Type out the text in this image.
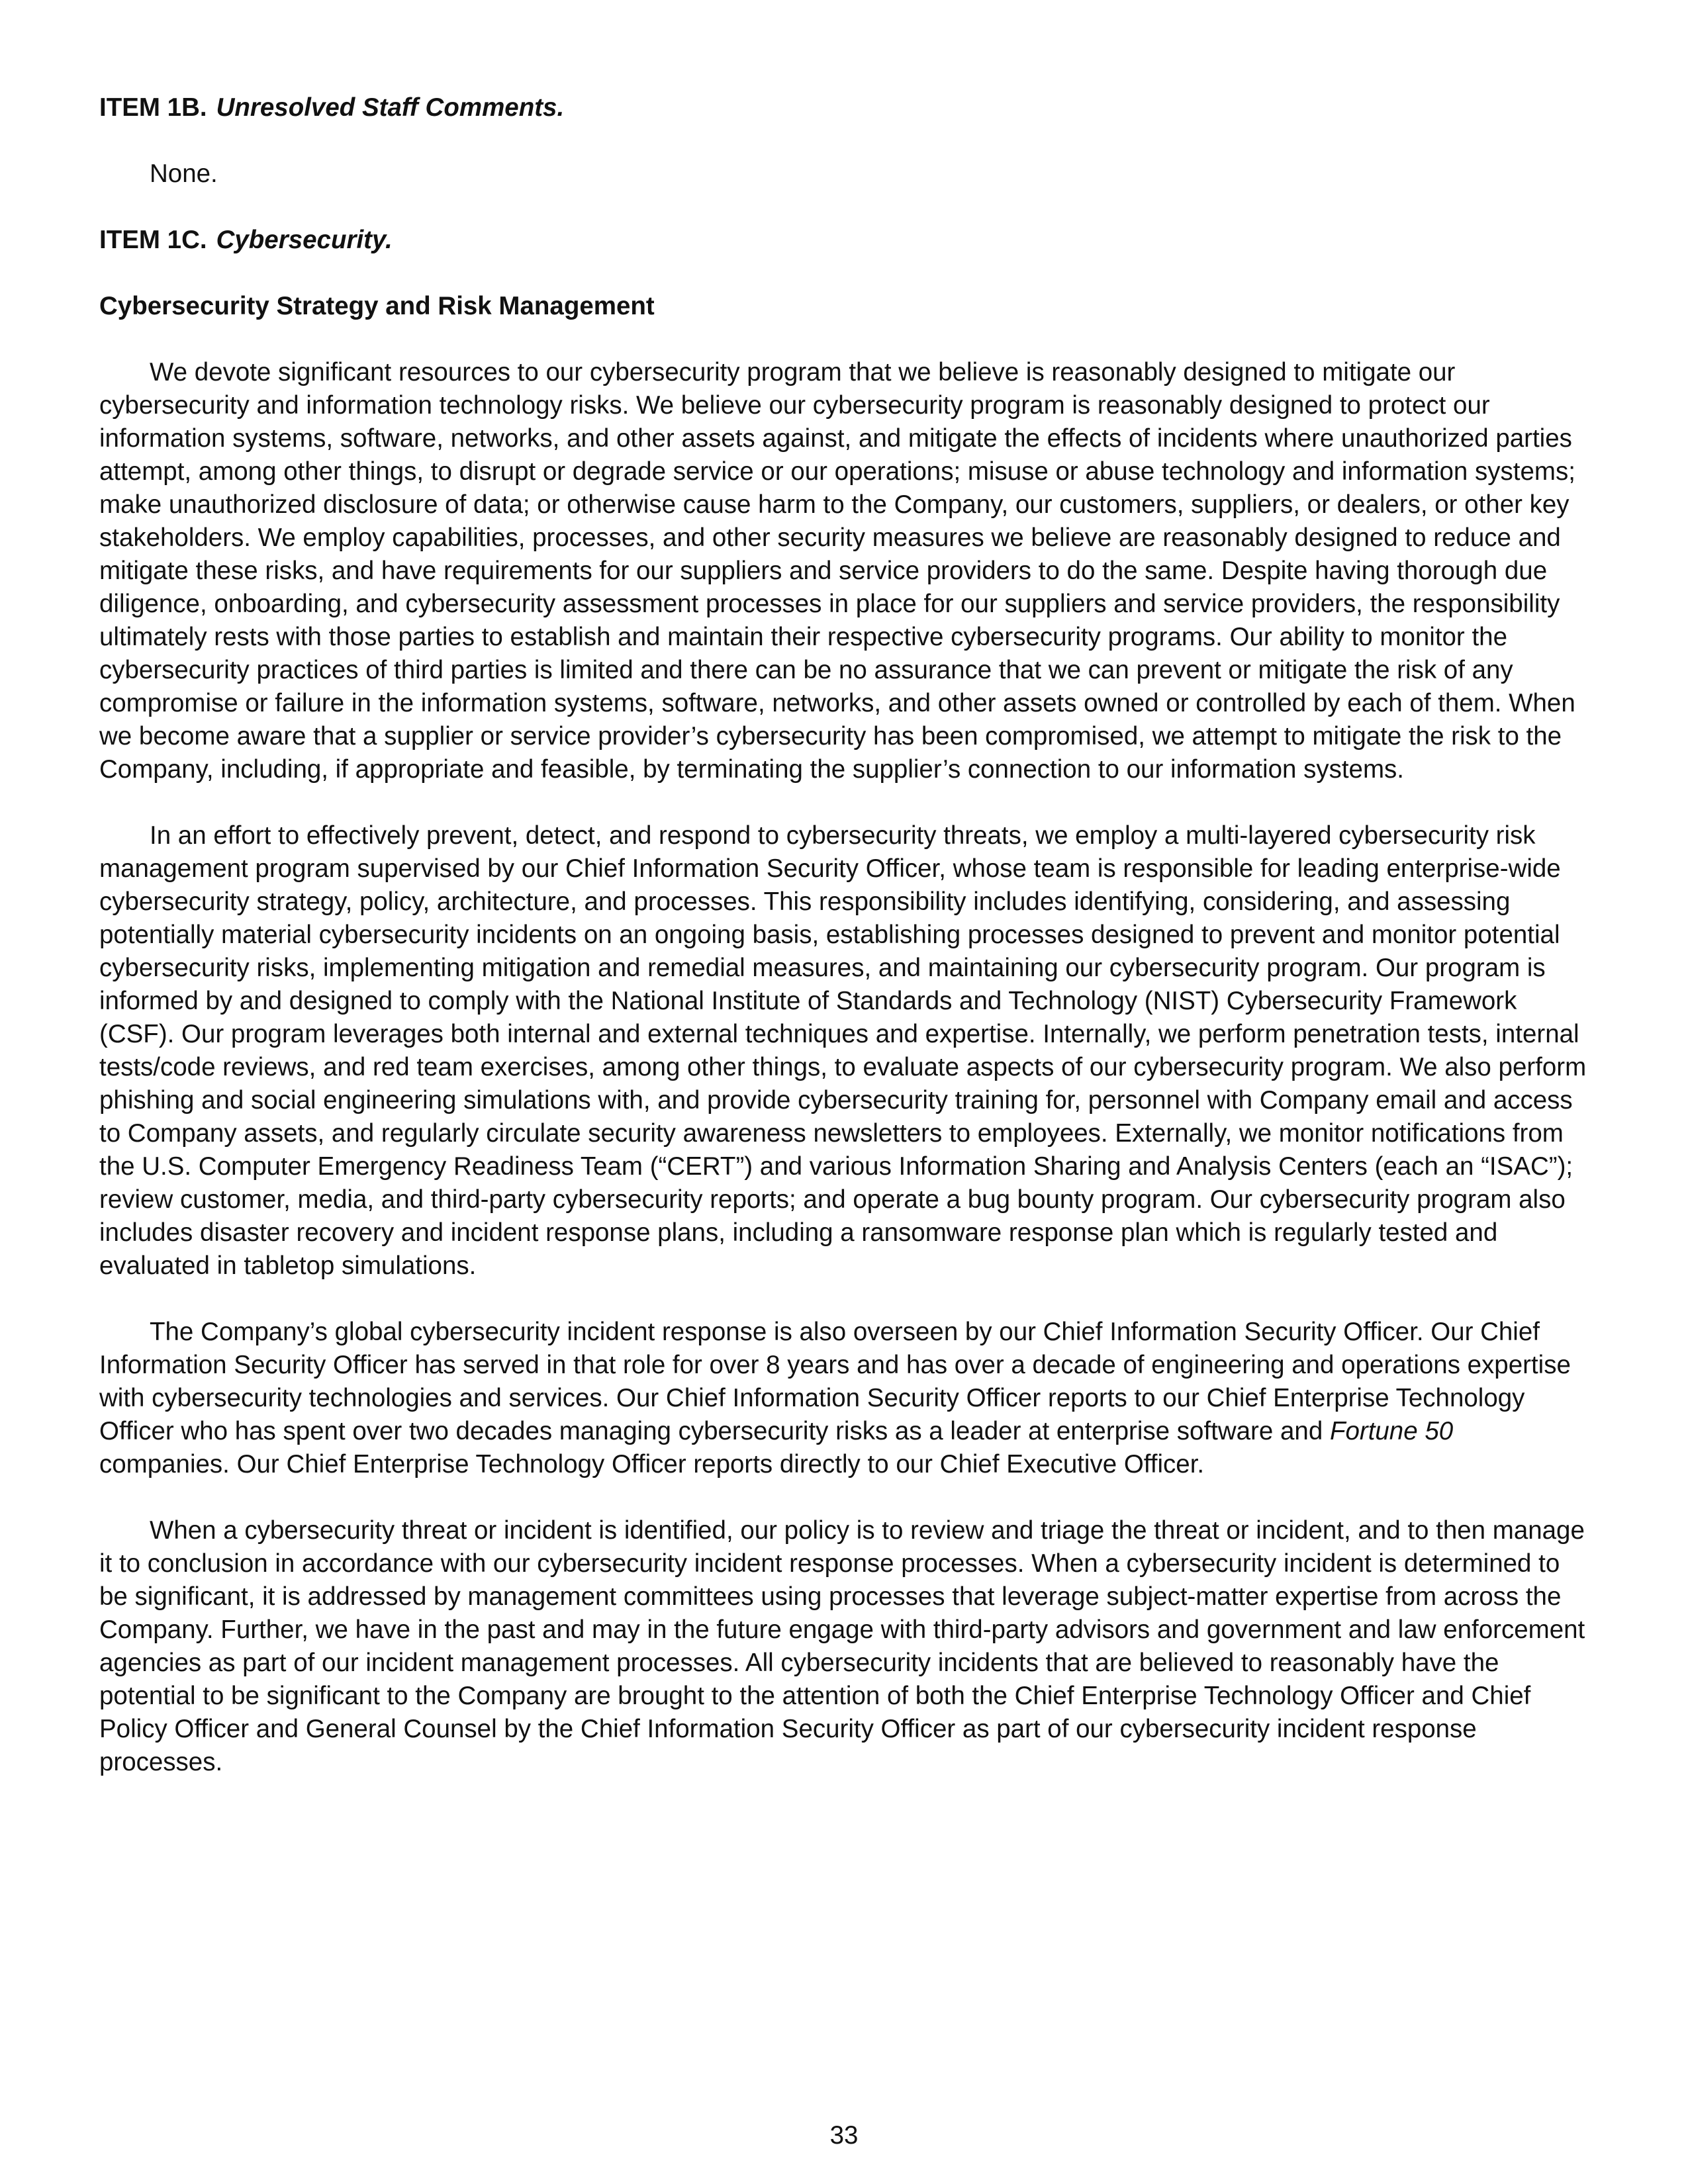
ITEM 1B. Unresolved Staff Comments.

None.

ITEM 1C. Cybersecurity.

Cybersecurity Strategy and Risk Management

We devote significant resources to our cybersecurity program that we believe is reasonably designed to mitigate our cybersecurity and information technology risks. We believe our cybersecurity program is reasonably designed to protect our information systems, software, networks, and other assets against, and mitigate the effects of incidents where unauthorized parties attempt, among other things, to disrupt or degrade service or our operations; misuse or abuse technology and information systems; make unauthorized disclosure of data; or otherwise cause harm to the Company, our customers, suppliers, or dealers, or other key stakeholders. We employ capabilities, processes, and other security measures we believe are reasonably designed to reduce and mitigate these risks, and have requirements for our suppliers and service providers to do the same. Despite having thorough due diligence, onboarding, and cybersecurity assessment processes in place for our suppliers and service providers, the responsibility ultimately rests with those parties to establish and maintain their respective cybersecurity programs. Our ability to monitor the cybersecurity practices of third parties is limited and there can be no assurance that we can prevent or mitigate the risk of any compromise or failure in the information systems, software, networks, and other assets owned or controlled by each of them. When we become aware that a supplier or service provider’s cybersecurity has been compromised, we attempt to mitigate the risk to the Company, including, if appropriate and feasible, by terminating the supplier’s connection to our information systems.

In an effort to effectively prevent, detect, and respond to cybersecurity threats, we employ a multi-layered cybersecurity risk management program supervised by our Chief Information Security Officer, whose team is responsible for leading enterprise-wide cybersecurity strategy, policy, architecture, and processes. This responsibility includes identifying, considering, and assessing potentially material cybersecurity incidents on an ongoing basis, establishing processes designed to prevent and monitor potential cybersecurity risks, implementing mitigation and remedial measures, and maintaining our cybersecurity program. Our program is informed by and designed to comply with the National Institute of Standards and Technology (NIST) Cybersecurity Framework (CSF). Our program leverages both internal and external techniques and expertise. Internally, we perform penetration tests, internal tests/code reviews, and red team exercises, among other things, to evaluate aspects of our cybersecurity program. We also perform phishing and social engineering simulations with, and provide cybersecurity training for, personnel with Company email and access to Company assets, and regularly circulate security awareness newsletters to employees. Externally, we monitor notifications from the U.S. Computer Emergency Readiness Team (“CERT”) and various Information Sharing and Analysis Centers (each an “ISAC”); review customer, media, and third-party cybersecurity reports; and operate a bug bounty program. Our cybersecurity program also includes disaster recovery and incident response plans, including a ransomware response plan which is regularly tested and evaluated in tabletop simulations.

The Company’s global cybersecurity incident response is also overseen by our Chief Information Security Officer. Our Chief Information Security Officer has served in that role for over 8 years and has over a decade of engineering and operations expertise with cybersecurity technologies and services. Our Chief Information Security Officer reports to our Chief Enterprise Technology Officer who has spent over two decades managing cybersecurity risks as a leader at enterprise software and Fortune 50 companies. Our Chief Enterprise Technology Officer reports directly to our Chief Executive Officer.

When a cybersecurity threat or incident is identified, our policy is to review and triage the threat or incident, and to then manage it to conclusion in accordance with our cybersecurity incident response processes. When a cybersecurity incident is determined to be significant, it is addressed by management committees using processes that leverage subject-matter expertise from across the Company. Further, we have in the past and may in the future engage with third-party advisors and government and law enforcement agencies as part of our incident management processes. All cybersecurity incidents that are believed to reasonably have the potential to be significant to the Company are brought to the attention of both the Chief Enterprise Technology Officer and Chief Policy Officer and General Counsel by the Chief Information Security Officer as part of our cybersecurity incident response processes.

33
